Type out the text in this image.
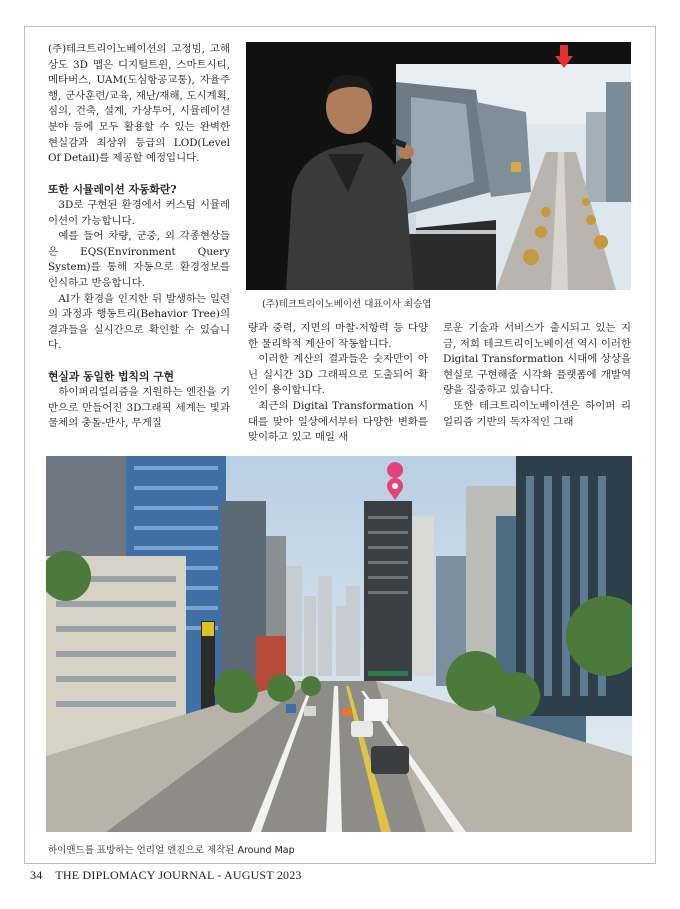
(주)테크트리이노베이션의 고정빔, 고해상도 3D 맵은 디지털트윈, 스마트시티, 메타버스, UAM(도심항공교통), 자율주행, 군사훈련/교육, 재난/재해, 도시계획, 심의, 건축, 설계, 가상투어, 시뮬레이션 분야 등에 모두 활용할 수 있는 완벽한 현실감과 최상위 등급의 LOD(Level Of Detail)를 제공할 예정입니다.

또한 시뮬레이션 자동화란?

3D로 구현된 환경에서 커스텀 시뮬레이션이 가능합니다.

예를 들어 차량, 군중, 외 각종현상들은 EQS(Environment Query System)를 통해 자동으로 환경정보를 인식하고 반응합니다.

AI가 환경을 인지한 뒤 발생하는 일련의 과정과 행동트리(Behavior Tree)의 결과들을 실시간으로 확인할 수 있습니다.

현실과 동일한 법칙의 구현

하이퍼리얼리즘을 지원하는 엔진을 기반으로 만들어진 3D그래픽 세계는 빛과 물체의 충돌-반사, 무게질

(주)테크트리이노베이션 대표이사 최승엽

량과 중력, 지면의 마찰-저항력 등 다양한 물리학적 계산이 작동합니다.

이러한 계산의 결과들은 숫자만이 아닌 실시간 3D 그래픽으로 도출되어 확인이 용이합니다.

최근의 Digital Transformation 시대를 맞아 일상에서부터 다양한 변화를 맞이하고 있고 매일 새

로운 기술과 서비스가 출시되고 있는 지금, 저희 테크트리이노베이션 역시 이러한 Digital Transformation 시대에 상상을 현실로 구현해줄 시각화 플랫폼에 개발역량을 집중하고 있습니다.

또한 테크트리이노베이션은 하이퍼 리얼리즘 기반의 독자적인 그래

하이앤드를 표방하는 언리얼 엔진으로 제작된 Around Map
34 THE DIPLOMACY JOURNAL - AUGUST 2023
